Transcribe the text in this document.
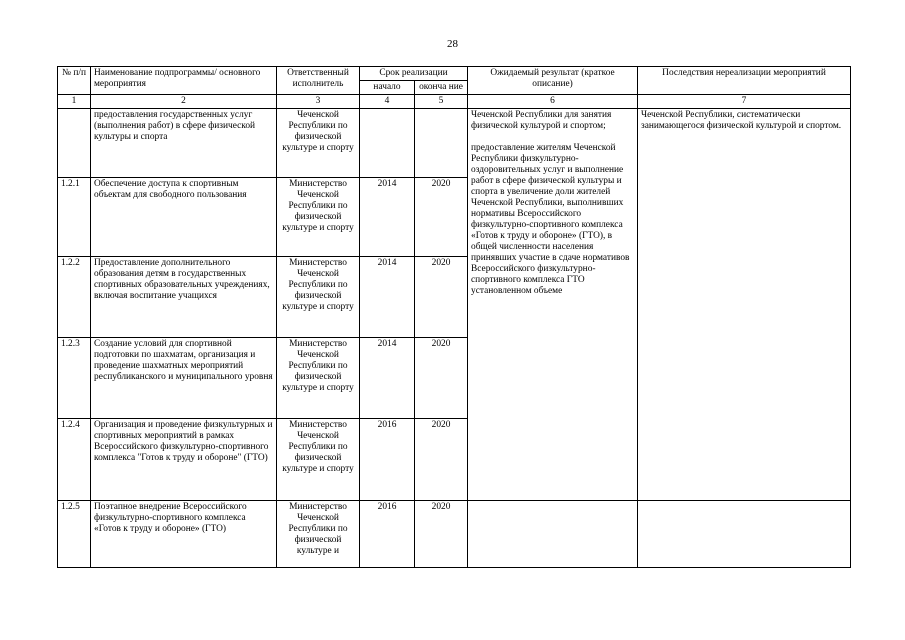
28
№ п/п	Наименование подпрограммы/ основного мероприятия	Ответственный исполнитель	Срок реализации		Ожидаемый результат (краткое описание)	Последствия нереализации мероприятий
			начало	оконча ние		
1	2	3	4	5	6	7
	предоставления государственных услуг (выполнения работ) в сфере физической культуры и спорта	Чеченской Республики по физической культуре и спорту			Чеченской Республики для занятия физической культурой и спортом;
предоставление жителям Чеченской Республики физкультурно-оздоровительных услуг и выполнение работ в сфере физической культуры и спорта в увеличение доли жителей Чеченской Республики, выполнивших нормативы Всероссийского физкультурно-спортивного комплекса «Готов к труду и обороне» (ГТО), в общей численности населения принявших участие в сдаче нормативов Всероссийского физкультурно-спортивного комплекса ГТО установленном объеме	Чеченской Республики, систематически занимающегося физической культурой и спортом.
1.2.1	Обеспечение доступа к спортивным объектам для свободного пользования	Министерство Чеченской Республики по физической культуре и спорту	2014	2020		
1.2.2	Предоставление дополнительного образования детям в государственных спортивных образовательных учреждениях, включая воспитание учащихся	Министерство Чеченской Республики по физической культуре и спорту	2014	2020		
1.2.3	Создание условий для спортивной подготовки по шахматам, организация и проведение шахматных мероприятий республиканского и муниципального уровня	Министерство Чеченской Республики по физической культуре и спорту	2014	2020		
1.2.4	Организация и проведение физкультурных и спортивных мероприятий в рамках Всероссийского физкультурно-спортивного комплекса "Готов к труду и обороне" (ГТО)	Министерство Чеченской Республики по физической культуре и спорту	2016	2020		
1.2.5	Поэтапное внедрение Всероссийского физкультурно-спортивного комплекса «Готов к труду и обороне» (ГТО)	Министерство Чеченской Республики по физической культуре и	2016	2020		
